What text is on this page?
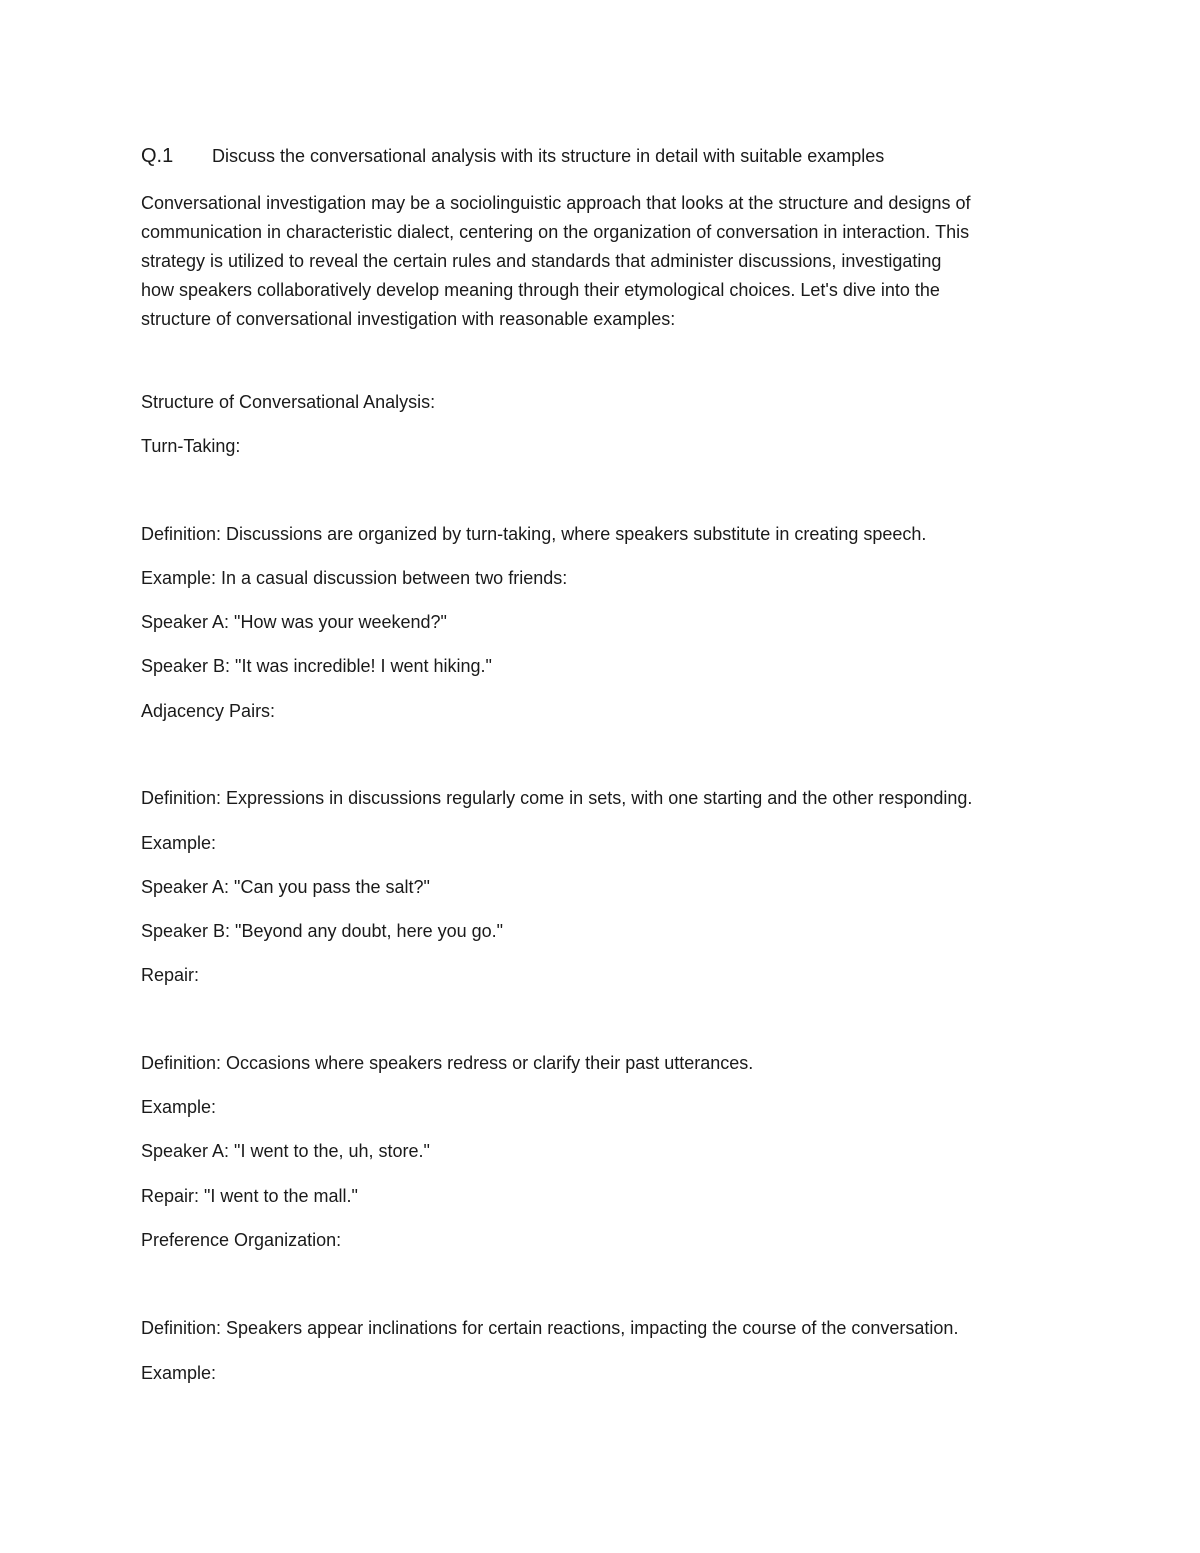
Q.1 Discuss the conversational analysis with its structure in detail with suitable examples
Conversational investigation may be a sociolinguistic approach that looks at the structure and designs of
communication in characteristic dialect, centering on the organization of conversation in interaction. This
strategy is utilized to reveal the certain rules and standards that administer discussions, investigating
how speakers collaboratively develop meaning through their etymological choices. Let's dive into the
structure of conversational investigation with reasonable examples:
Structure of Conversational Analysis:
Turn-Taking:
Definition: Discussions are organized by turn-taking, where speakers substitute in creating speech.
Example: In a casual discussion between two friends:
Speaker A: "How was your weekend?"
Speaker B: "It was incredible! I went hiking."
Adjacency Pairs:
Definition: Expressions in discussions regularly come in sets, with one starting and the other responding.
Example:
Speaker A: "Can you pass the salt?"
Speaker B: "Beyond any doubt, here you go."
Repair:
Definition: Occasions where speakers redress or clarify their past utterances.
Example:
Speaker A: "I went to the, uh, store."
Repair: "I went to the mall."
Preference Organization:
Definition: Speakers appear inclinations for certain reactions, impacting the course of the conversation.
Example:
